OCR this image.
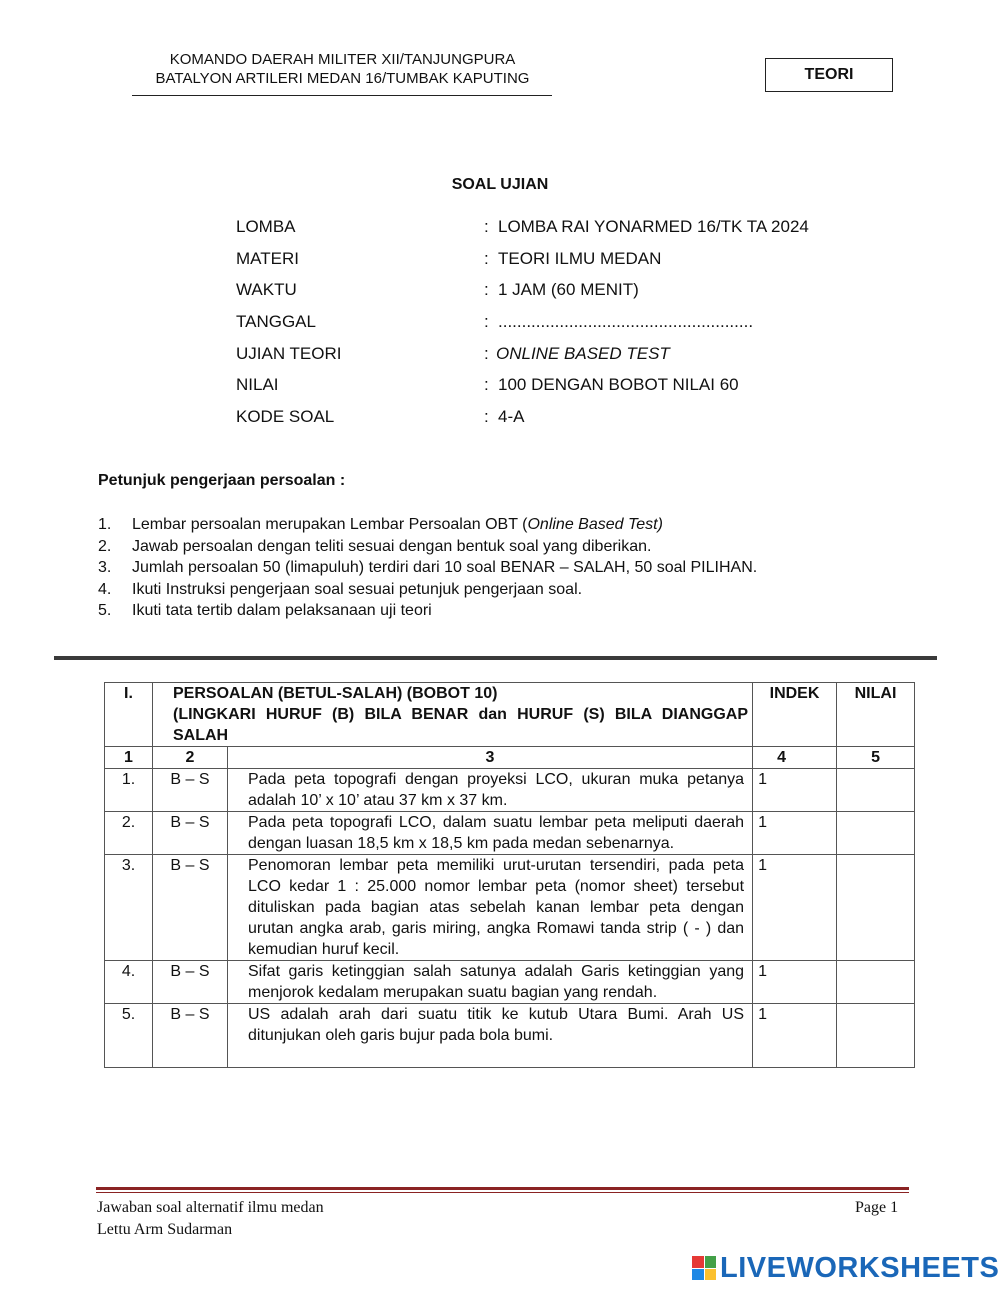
KOMANDO DAERAH MILITER XII/TANJUNGPURA
BATALYON ARTILERI MEDAN 16/TUMBAK KAPUTING	TEORI
SOAL UJIAN
LOMBA	: LOMBA RAI YONARMED 16/TK TA 2024
MATERI	: TEORI ILMU MEDAN
WAKTU	: 1 JAM (60 MENIT)
TANGGAL	: ......................................................
UJIAN TEORI	: ONLINE BASED TEST
NILAI	: 100 DENGAN BOBOT NILAI 60
KODE SOAL	: 4-A
Petunjuk pengerjaan persoalan :
1. Lembar persoalan merupakan Lembar Persoalan OBT (Online Based Test)
2. Jawab persoalan dengan teliti sesuai dengan bentuk soal yang diberikan.
3. Jumlah persoalan 50 (limapuluh) terdiri dari 10 soal BENAR – SALAH, 50 soal PILIHAN.
4. Ikuti Instruksi pengerjaan soal sesuai petunjuk pengerjaan soal.
5. Ikuti tata tertib dalam pelaksanaan uji teori
I.	PERSOALAN (BETUL-SALAH) (BOBOT 10)
(LINGKARI HURUF (B) BILA BENAR dan HURUF (S) BILA DIANGGAP SALAH		INDEK	NILAI
1	2	3	4	5
1.	B – S	Pada peta topografi dengan proyeksi LCO, ukuran muka petanya adalah 10’ x 10’ atau 37 km x 37 km.	1	
2.	B – S	Pada peta topografi LCO, dalam suatu lembar peta meliputi daerah dengan luasan 18,5 km x 18,5 km pada medan sebenarnya.	1	
3.	B – S	Penomoran lembar peta memiliki urut-urutan tersendiri, pada peta LCO kedar 1 : 25.000 nomor lembar peta (nomor sheet) tersebut dituliskan pada bagian atas sebelah kanan lembar peta dengan urutan angka arab, garis miring, angka Romawi tanda strip ( - ) dan kemudian huruf kecil.	1	
4.	B – S	Sifat garis ketinggian salah satunya adalah Garis ketinggian yang menjorok kedalam merupakan suatu bagian yang rendah.	1	
5.	B – S	US adalah arah dari suatu titik ke kutub Utara Bumi. Arah US ditunjukan oleh garis bujur pada bola bumi.	1	
Jawaban soal alternatif ilmu medan
Lettu Arm Sudarman
Page 1
LIVEWORKSHEETS
